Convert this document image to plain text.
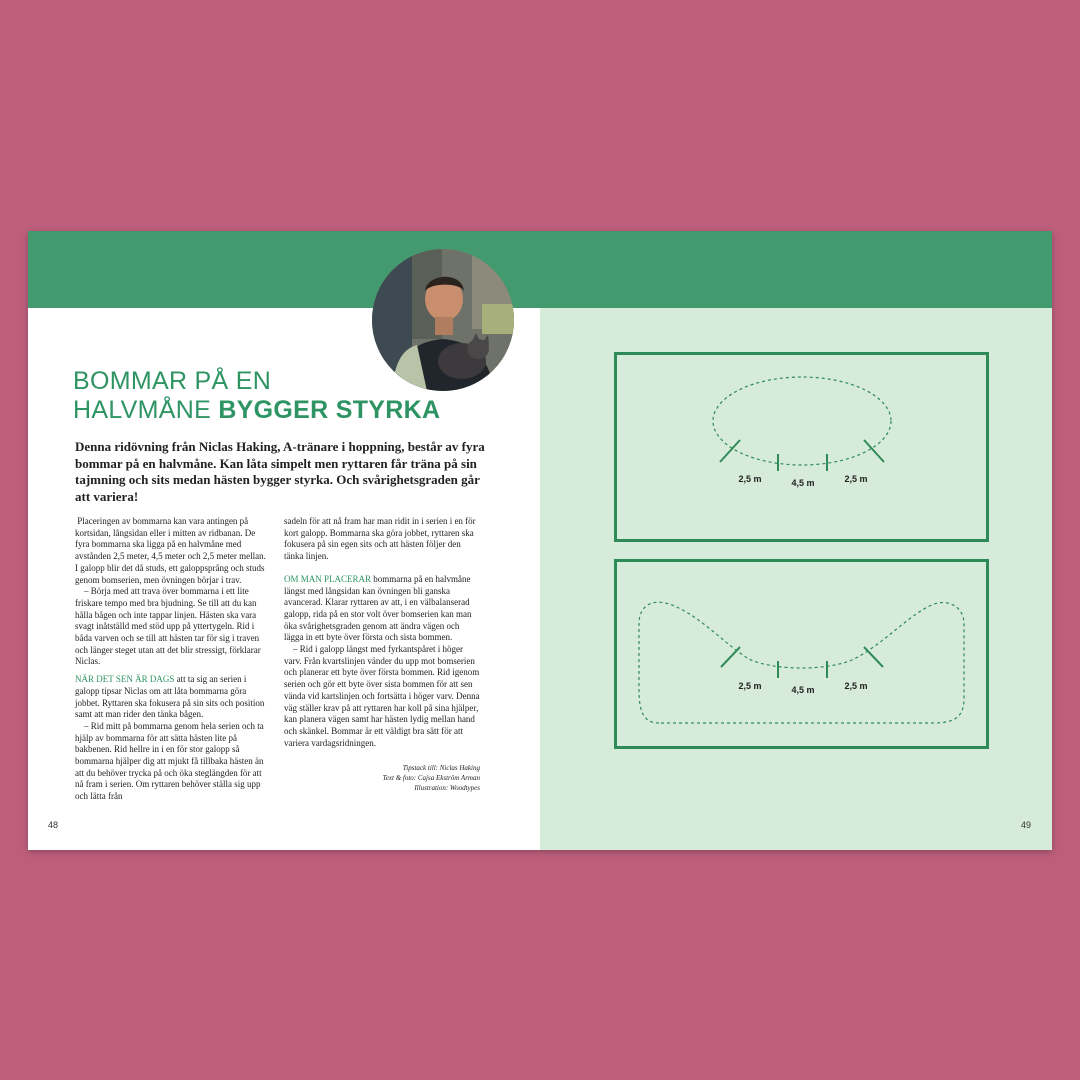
BOMMAR PÅ EN
HALVMÅNE BYGGER STYRKA

Denna ridövning från Niclas Haking, A-tränare i hoppning, består av fyra bommar på en halvmåne. Kan låta simpelt men ryttaren får träna på sin tajmning och sits medan hästen bygger styrka. Och svårighetsgraden går att variera!

Placeringen av bommarna kan vara antingen på kortsidan, långsidan eller i mitten av ridbanan. De fyra bommarna ska ligga på en halvmåne med avstånden 2,5 meter, 4,5 meter och 2,5 meter mellan. I galopp blir det då studs, ett galoppsprång och studs genom bomserien, men övningen börjar i trav.

– Börja med att trava över bommarna i ett lite friskare tempo med bra bjudning. Se till att du kan hålla bågen och inte tappar linjen. Hästen ska vara svagt inåtställd med stöd upp på yttertygeln. Rid i båda varven och se till att hästen tar för sig i traven och länger steget utan att det blir stressigt, förklarar Niclas.

NÄR DET SEN ÄR DAGS att ta sig an serien i galopp tipsar Niclas om att låta bommarna göra jobbet. Ryttaren ska fokusera på sin sits och position samt att man rider den tänka bågen.

– Rid mitt på bommarna genom hela serien och ta hjälp av bommarna för att sätta hästen lite på bakbenen. Rid hellre in i en för stor galopp så bommarna hjälper dig att mjukt få tillbaka hästen än att du behöver trycka på och öka steglängden för att nå fram i serien. Om ryttaren behöver ställa sig upp och lätta från

sadeln för att nå fram har man ridit in i serien i en för kort galopp. Bommarna ska göra jobbet, ryttaren ska fokusera på sin egen sits och att hästen följer den tänka linjen.

OM MAN PLACERAR bommarna på en halvmåne längst med långsidan kan övningen bli ganska avancerad. Klarar ryttaren av att, i en välbalanserad galopp, rida på en stor volt över bomserien kan man öka svårighetsgraden genom att ändra vägen och lägga in ett byte över första och sista bommen.

– Rid i galopp längst med fyrkantspåret i höger varv. Från kvartslinjen vänder du upp mot bomserien och planerar ett byte över första bommen. Rid igenom serien och gör ett byte över sista bommen för att sen vända vid kartslinjen och fortsätta i höger varv. Denna väg ställer krav på att ryttaren har koll på sina hjälper, kan planera vägen samt har hästen lydig mellan hand och skänkel. Bommar är ett väldigt bra sätt för att variera vardagsridningen.

Tipstack till: Niclas Haking
Text & foto: Cajsa Ekström Arman
Illustration: Woodtypes

48	49
2,5 m	4,5 m	2,5 m
2,5 m	4,5 m	2,5 m
